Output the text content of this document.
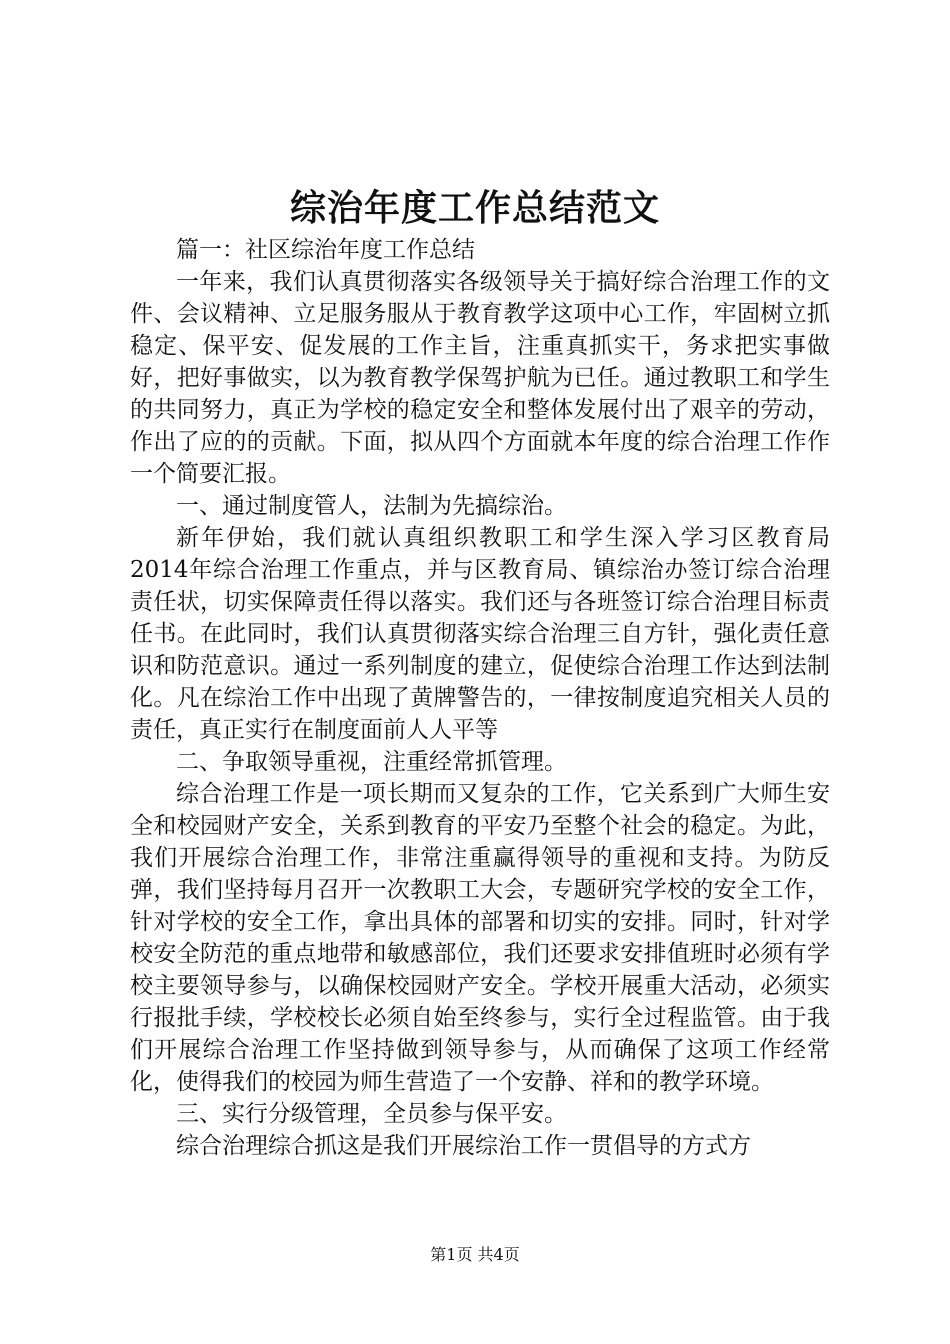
综治年度工作总结范文

篇一：社区综治年度工作总结

一年来，我们认真贯彻落实各级领导关于搞好综合治理工作的文件、会议精神、立足服务服从于教育教学这项中心工作，牢固树立抓稳定、保平安、促发展的工作主旨，注重真抓实干，务求把实事做好，把好事做实，以为教育教学保驾护航为已任。通过教职工和学生的共同努力，真正为学校的稳定安全和整体发展付出了艰辛的劳动，作出了应的的贡献。下面，拟从四个方面就本年度的综合治理工作作一个简要汇报。

一、通过制度管人，法制为先搞综治。

新年伊始，我们就认真组织教职工和学生深入学习区教育局2014年综合治理工作重点，并与区教育局、镇综治办签订综合治理责任状，切实保障责任得以落实。我们还与各班签订综合治理目标责任书。在此同时，我们认真贯彻落实综合治理三自方针，强化责任意识和防范意识。通过一系列制度的建立，促使综合治理工作达到法制化。凡在综治工作中出现了黄牌警告的，一律按制度追究相关人员的责任，真正实行在制度面前人人平等

二、争取领导重视，注重经常抓管理。

综合治理工作是一项长期而又复杂的工作，它关系到广大师生安全和校园财产安全，关系到教育的平安乃至整个社会的稳定。为此，我们开展综合治理工作，非常注重赢得领导的重视和支持。为防反弹，我们坚持每月召开一次教职工大会，专题研究学校的安全工作，针对学校的安全工作，拿出具体的部署和切实的安排。同时，针对学校安全防范的重点地带和敏感部位，我们还要求安排值班时必须有学校主要领导参与，以确保校园财产安全。学校开展重大活动，必须实行报批手续，学校校长必须自始至终参与，实行全过程监管。由于我们开展综合治理工作坚持做到领导参与，从而确保了这项工作经常化，使得我们的校园为师生营造了一个安静、祥和的教学环境。

三、实行分级管理，全员参与保平安。

综合治理综合抓这是我们开展综治工作一贯倡导的方式方

第1页 共4页
